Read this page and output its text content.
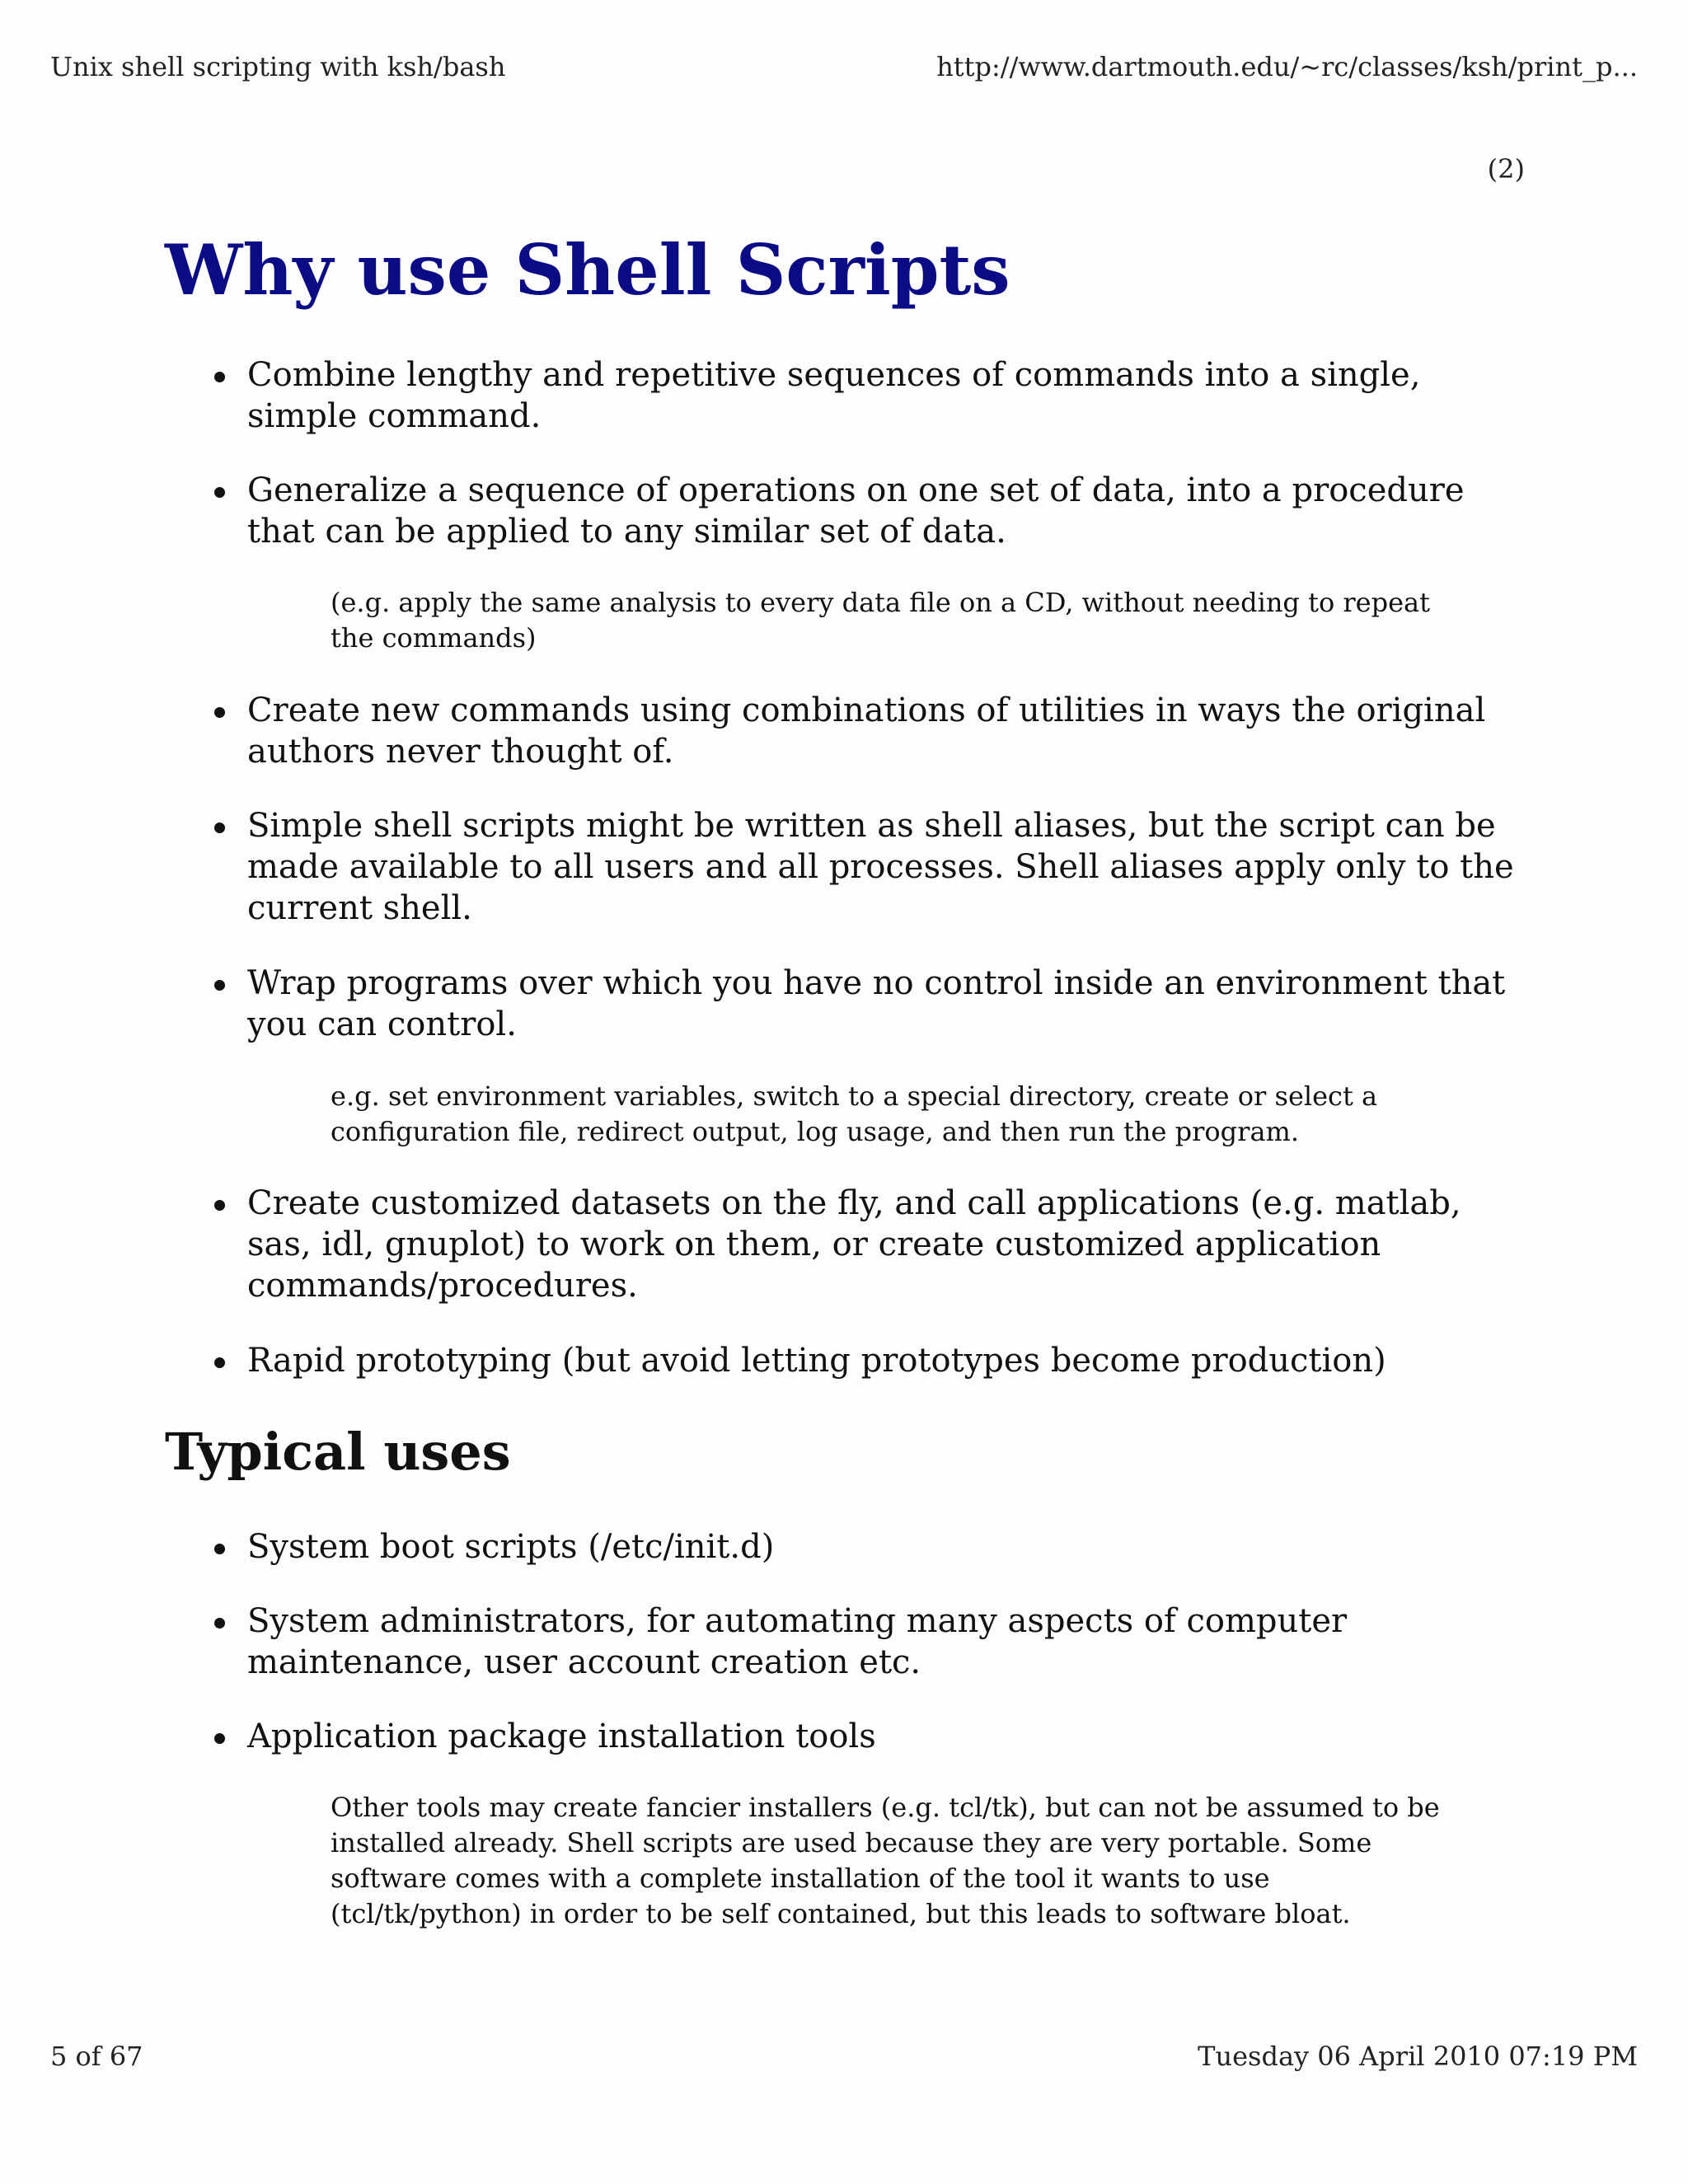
Unix shell scripting with ksh/bash	http://www.dartmouth.edu/~rc/classes/ksh/print_p...
(2)
Why use Shell Scripts
Combine lengthy and repetitive sequences of commands into a single, simple command.
Generalize a sequence of operations on one set of data, into a procedure that can be applied to any similar set of data.
Create new commands using combinations of utilities in ways the original authors never thought of.
Simple shell scripts might be written as shell aliases, but the script can be made available to all users and all processes. Shell aliases apply only to the current shell.
Wrap programs over which you have no control inside an environment that you can control.
Create customized datasets on the fly, and call applications (e.g. matlab, sas, idl, gnuplot) to work on them, or create customized application commands/procedures.
Rapid prototyping (but avoid letting prototypes become production)
(e.g. apply the same analysis to every data file on a CD, without needing to repeat the commands)
e.g. set environment variables, switch to a special directory, create or select a configuration file, redirect output, log usage, and then run the program.
Typical uses
System boot scripts (/etc/init.d)
System administrators, for automating many aspects of computer maintenance, user account creation etc.
Application package installation tools
Other tools may create fancier installers (e.g. tcl/tk), but can not be assumed to be installed already. Shell scripts are used because they are very portable. Some software comes with a complete installation of the tool it wants to use (tcl/tk/python) in order to be self contained, but this leads to software bloat.
5 of 67	Tuesday 06 April 2010 07:19 PM
